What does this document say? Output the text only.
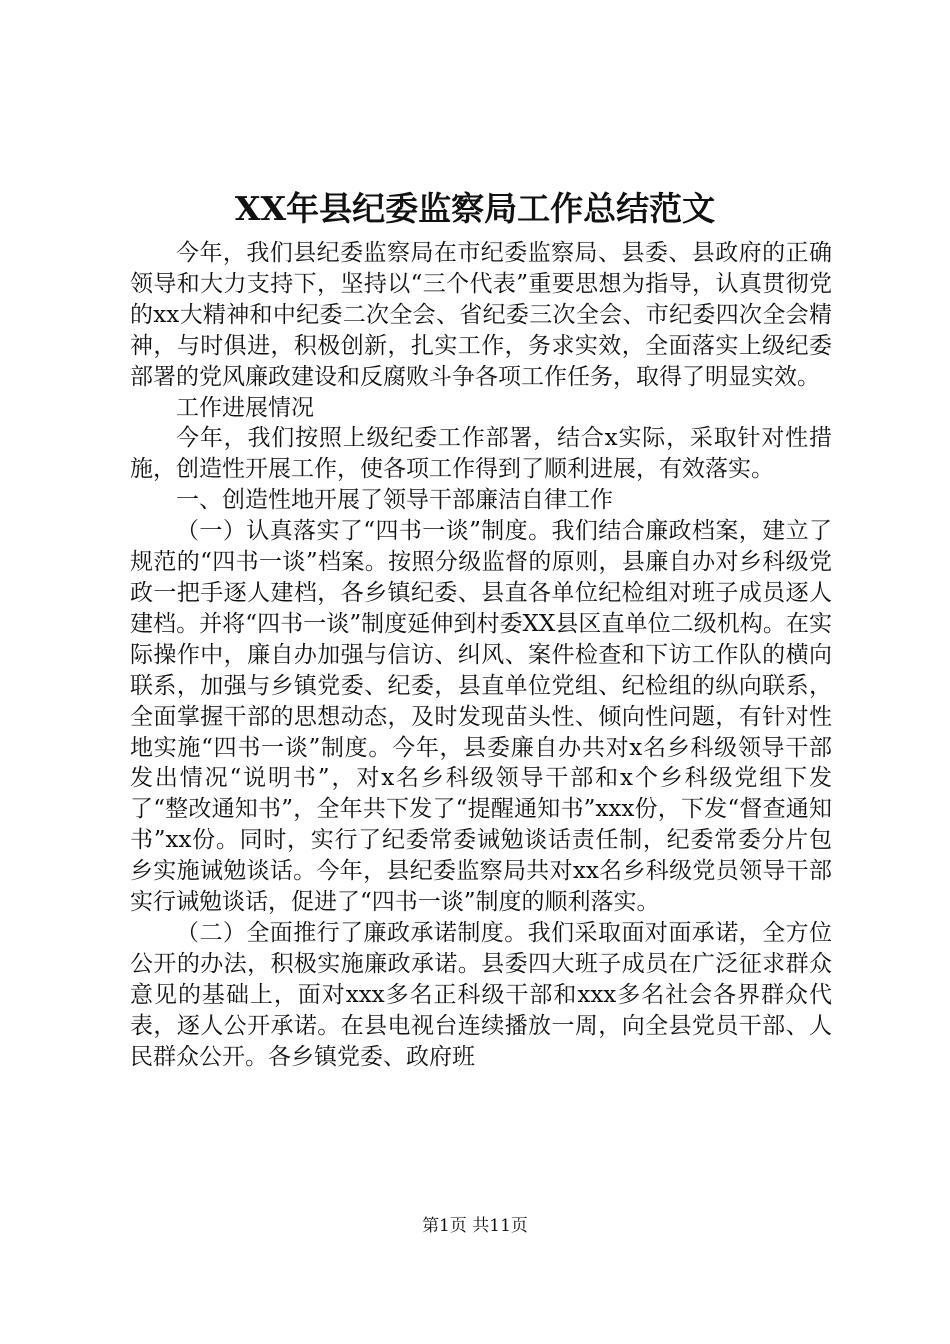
XX年县纪委监察局工作总结范文

今年，我们县纪委监察局在市纪委监察局、县委、县政府的正确领导和大力支持下，坚持以“三个代表”重要思想为指导，认真贯彻党的xx大精神和中纪委二次全会、省纪委三次全会、市纪委四次全会精神，与时俱进，积极创新，扎实工作，务求实效，全面落实上级纪委部署的党风廉政建设和反腐败斗争各项工作任务，取得了明显实效。

工作进展情况

今年，我们按照上级纪委工作部署，结合x实际，采取针对性措施，创造性开展工作，使各项工作得到了顺利进展，有效落实。

一、创造性地开展了领导干部廉洁自律工作

（一）认真落实了“四书一谈”制度。我们结合廉政档案，建立了规范的“四书一谈”档案。按照分级监督的原则，县廉自办对乡科级党政一把手逐人建档，各乡镇纪委、县直各单位纪检组对班子成员逐人建档。并将“四书一谈”制度延伸到村委XX县区直单位二级机构。在实际操作中，廉自办加强与信访、纠风、案件检查和下访工作队的横向联系，加强与乡镇党委、纪委，县直单位党组、纪检组的纵向联系，全面掌握干部的思想动态，及时发现苗头性、倾向性问题，有针对性地实施“四书一谈”制度。今年，县委廉自办共对x名乡科级领导干部发出情况“说明书”，对x名乡科级领导干部和x个乡科级党组下发了“整改通知书”，全年共下发了“提醒通知书”xxx份，下发“督查通知书”xx份。同时，实行了纪委常委诫勉谈话责任制，纪委常委分片包乡实施诫勉谈话。今年，县纪委监察局共对xx名乡科级党员领导干部实行诫勉谈话，促进了“四书一谈”制度的顺利落实。

（二）全面推行了廉政承诺制度。我们采取面对面承诺，全方位公开的办法，积极实施廉政承诺。县委四大班子成员在广泛征求群众意见的基础上，面对xxx多名正科级干部和xxx多名社会各界群众代表，逐人公开承诺。在县电视台连续播放一周，向全县党员干部、人民群众公开。各乡镇党委、政府班

第1页 共11页
